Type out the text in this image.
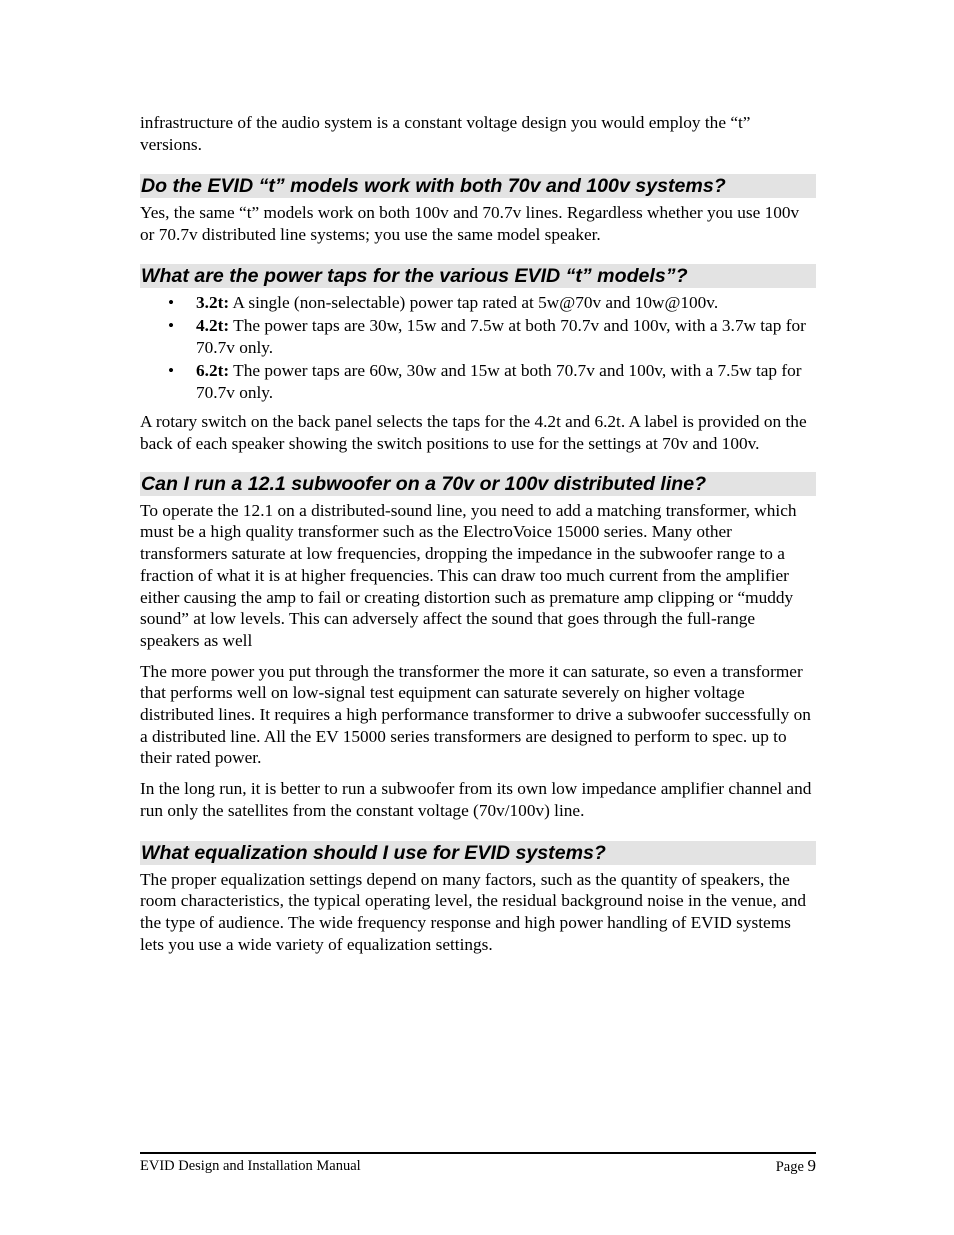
infrastructure of the audio system is a constant voltage design you would employ the “t” versions.

Do the EVID “t” models work with both 70v and 100v systems?

Yes, the same “t” models work on both 100v and 70.7v lines. Regardless whether you use 100v or 70.7v distributed line systems; you use the same model speaker.

What are the power taps for the various EVID “t” models”?
• 3.2t: A single (non-selectable) power tap rated at 5w@70v and 10w@100v.
• 4.2t: The power taps are 30w, 15w and 7.5w at both 70.7v and 100v, with a 3.7w tap for 70.7v only.
• 6.2t: The power taps are 60w, 30w and 15w at both 70.7v and 100v, with a 7.5w tap for 70.7v only.

A rotary switch on the back panel selects the taps for the 4.2t and 6.2t. A label is provided on the back of each speaker showing the switch positions to use for the settings at 70v and 100v.

Can I run a 12.1 subwoofer on a 70v or 100v distributed line?

To operate the 12.1 on a distributed-sound line, you need to add a matching transformer, which must be a high quality transformer such as the ElectroVoice 15000 series. Many other transformers saturate at low frequencies, dropping the impedance in the subwoofer range to a fraction of what it is at higher frequencies. This can draw too much current from the amplifier either causing the amp to fail or creating distortion such as premature amp clipping or “muddy sound” at low levels. This can adversely affect the sound that goes through the full-range speakers as well

The more power you put through the transformer the more it can saturate, so even a transformer that performs well on low-signal test equipment can saturate severely on higher voltage distributed lines. It requires a high performance transformer to drive a subwoofer successfully on a distributed line. All the EV 15000 series transformers are designed to perform to spec. up to their rated power.

In the long run, it is better to run a subwoofer from its own low impedance amplifier channel and run only the satellites from the constant voltage (70v/100v) line.

What equalization should I use for EVID systems?

The proper equalization settings depend on many factors, such as the quantity of speakers, the room characteristics, the typical operating level, the residual background noise in the venue, and the type of audience. The wide frequency response and high power handling of EVID systems lets you use a wide variety of equalization settings.

EVID Design and Installation Manual	Page 9
